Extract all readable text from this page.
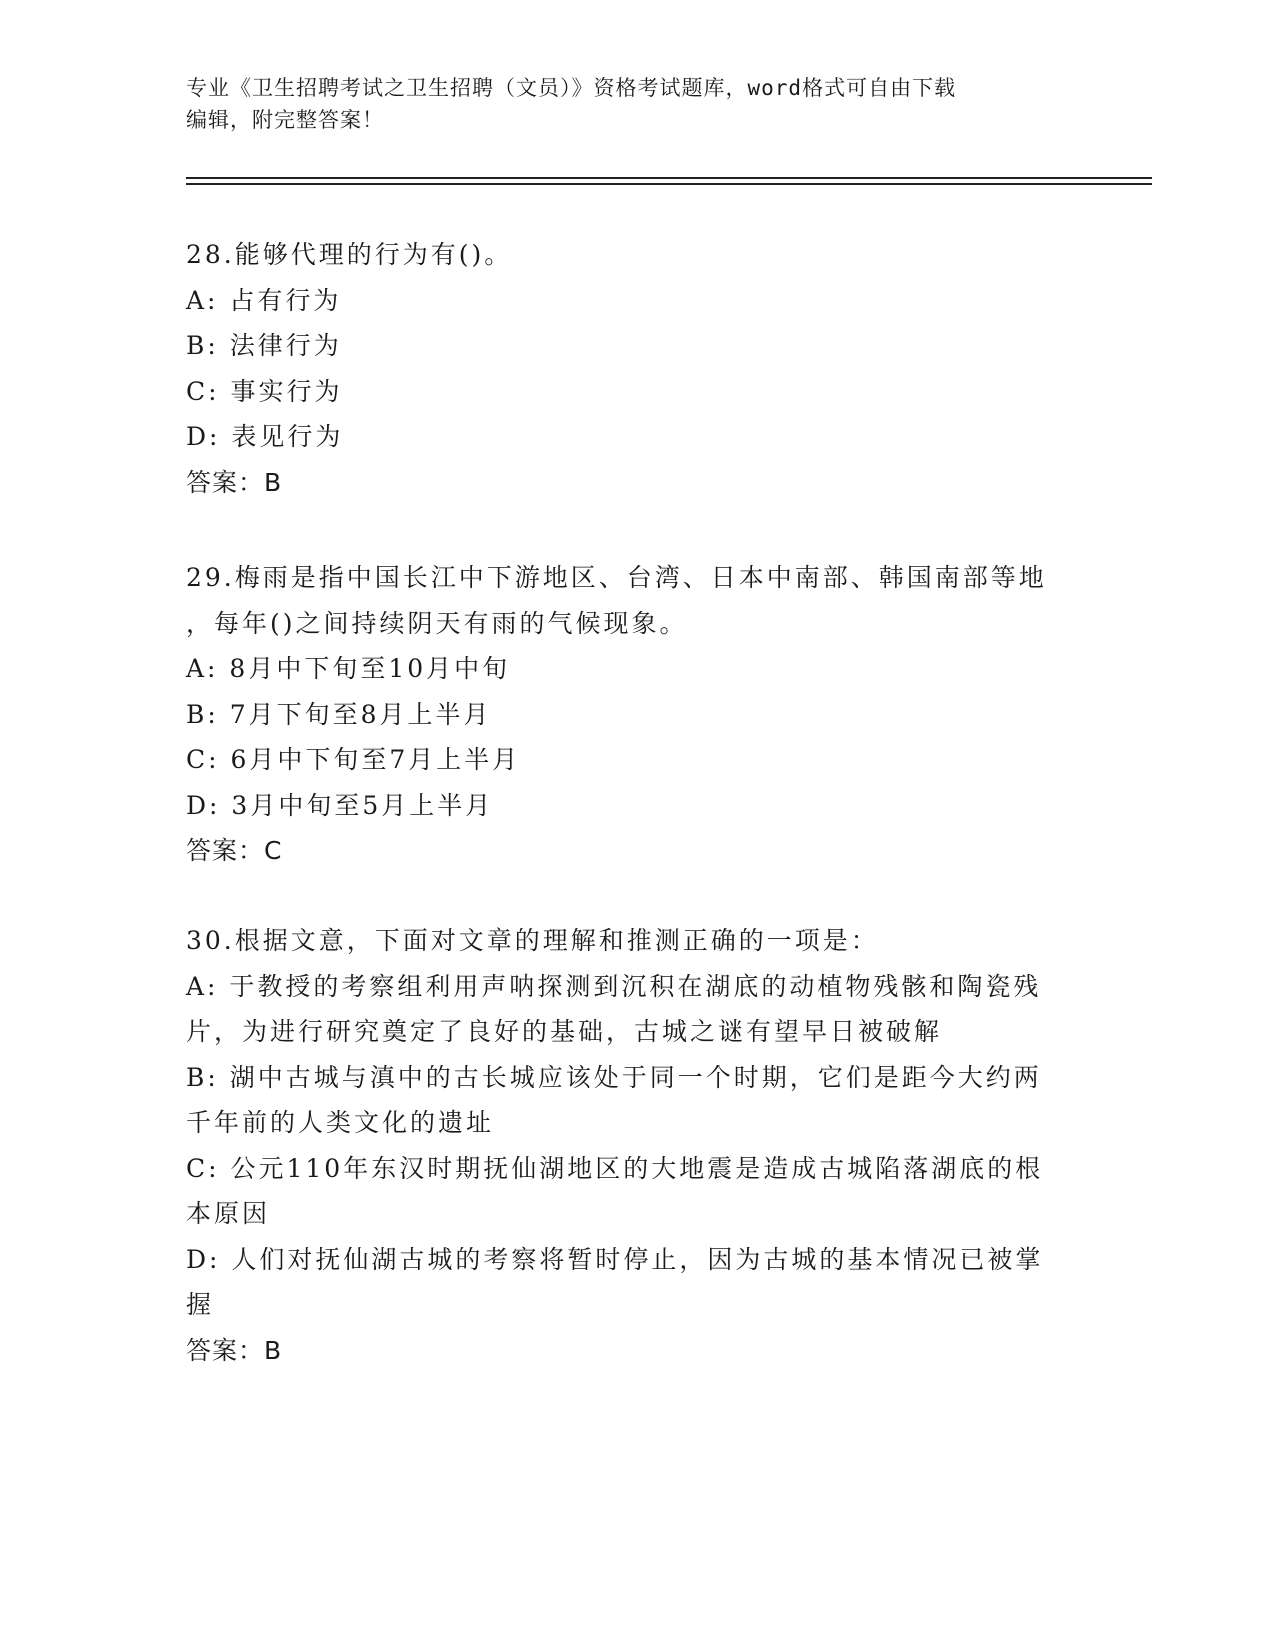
专业《卫生招聘考试之卫生招聘（文员）》资格考试题库，word格式可自由下载
编辑，附完整答案！
28.能够代理的行为有()。
A: 占有行为
B: 法律行为
C: 事实行为
D: 表见行为
答案：B
29.梅雨是指中国长江中下游地区、台湾、日本中南部、韩国南部等地
，每年()之间持续阴天有雨的气候现象。
A: 8月中下旬至10月中旬
B: 7月下旬至8月上半月
C: 6月中下旬至7月上半月
D: 3月中旬至5月上半月
答案：C
30.根据文意，下面对文章的理解和推测正确的一项是：
A: 于教授的考察组利用声呐探测到沉积在湖底的动植物残骸和陶瓷残
片，为进行研究奠定了良好的基础，古城之谜有望早日被破解
B: 湖中古城与滇中的古长城应该处于同一个时期，它们是距今大约两
千年前的人类文化的遗址
C: 公元110年东汉时期抚仙湖地区的大地震是造成古城陷落湖底的根
本原因
D: 人们对抚仙湖古城的考察将暂时停止，因为古城的基本情况已被掌
握
答案：B
